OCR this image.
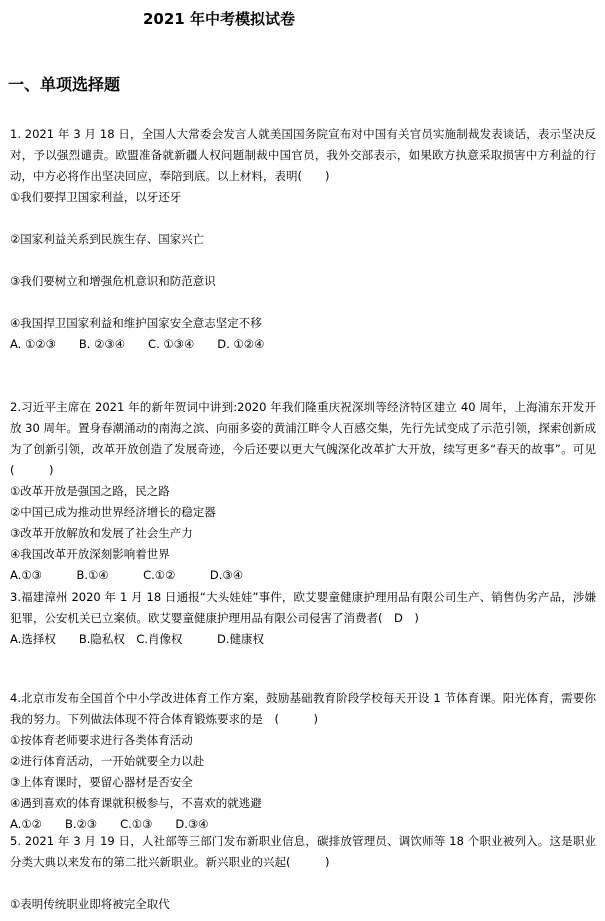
2021 年中考模拟试卷
一、单项选择题

1. 2021 年 3 月 18 日，全国人大常委会发言人就美国国务院宣布对中国有关官员实施制裁发表谈话，表示坚决反对，予以强烈谴责。欧盟准备就新疆人权问题制裁中国官员，我外交部表示，如果欧方执意采取损害中方利益的行动，中方必将作出坚决回应，奉陪到底。以上材料，表明(　　)

①我们要捍卫国家利益，以牙还牙

②国家利益关系到民族生存、国家兴亡

③我们要树立和增强危机意识和防范意识

④我国捍卫国家利益和维护国家安全意志坚定不移

A. ①②③　　B. ②③④　　C. ①③④　　D. ①②④

2.习近平主席在 2021 年的新年贺词中讲到:2020 年我们隆重庆祝深圳等经济特区建立 40 周年，上海浦东开发开放 30 周年。置身春潮涌动的南海之滨、向丽多姿的黄浦江畔令人百感交集，先行先试变成了示范引领，探索创新成为了创新引领，改革开放创造了发展奇迹，今后还要以更大气魄深化改革扩大开放，续写更多“春天的故事”。可见(　　　)

①改革开放是强国之路，民之路

②中国已成为推动世界经济增长的稳定器

③改革开放解放和发展了社会生产力

④我国改革开放深刻影响着世界

A.①③　　　B.①④　　　C.①②　　　D.③④

3.福建漳州 2020 年 1 月 18 日通报“大头娃娃”事件，欧艾婴童健康护理用品有限公司生产、销售伪劣产品，涉嫌犯罪，公安机关已立案侦。欧艾婴童健康护理用品有限公司侵害了消费者(　D　)

A.选择权　　B.隐私权　C.肖像权　　　D.健康权

4.北京市发布全国首个中小学改进体育工作方案，鼓励基础教育阶段学校每天开设 1 节体育课。阳光体育，需要你我的努力。下列做法体现不符合体育锻炼要求的是　(　　　)

①按体育老师要求进行各类体育活动

②进行体育活动，一开始就要全力以赴

③上体育课时，要留心器材是否安全

④遇到喜欢的体育课就积极参与，不喜欢的就逃避

A.①②　　B.②③　　C.①③　　D.③④

5. 2021 年 3 月 19 日，人社部等三部门发布新职业信息，碳排放管理员、调饮师等 18 个职业被列入。这是职业分类大典以来发布的第二批兴新职业。新兴职业的兴起(　　　)

①表明传统职业即将被完全取代
